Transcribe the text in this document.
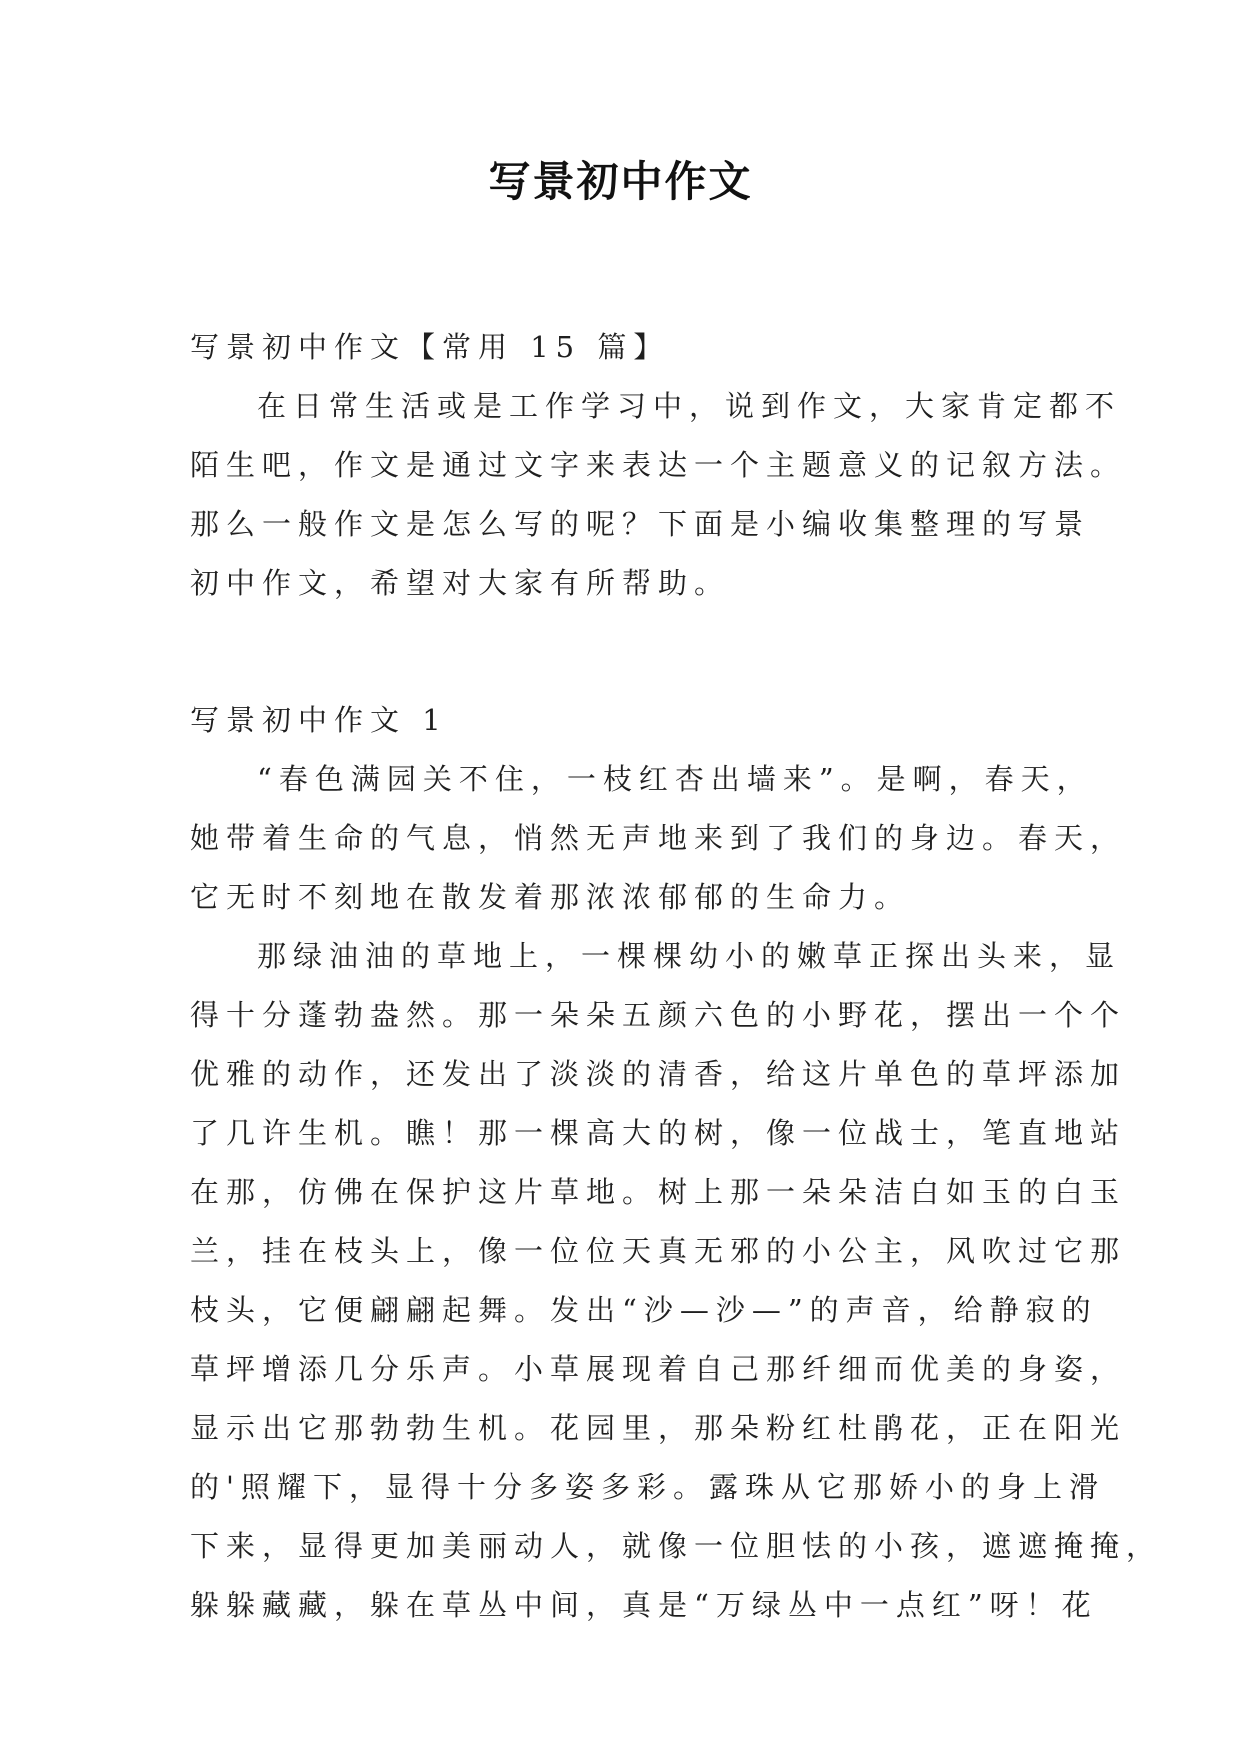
写景初中作文
写景初中作文【常用 15 篇】
在日常生活或是工作学习中，说到作文，大家肯定都不
陌生吧，作文是通过文字来表达一个主题意义的记叙方法。
那么一般作文是怎么写的呢？下面是小编收集整理的写景
初中作文，希望对大家有所帮助。
写景初中作文 1
“春色满园关不住，一枝红杏出墙来”。是啊，春天，
她带着生命的气息，悄然无声地来到了我们的身边。春天，
它无时不刻地在散发着那浓浓郁郁的生命力。
那绿油油的草地上，一棵棵幼小的嫩草正探出头来，显
得十分蓬勃盎然。那一朵朵五颜六色的小野花，摆出一个个
优雅的动作，还发出了淡淡的清香，给这片单色的草坪添加
了几许生机。瞧！那一棵高大的树，像一位战士，笔直地站
在那，仿佛在保护这片草地。树上那一朵朵洁白如玉的白玉
兰，挂在枝头上，像一位位天真无邪的小公主，风吹过它那
枝头，它便翩翩起舞。发出“沙—沙—”的声音，给静寂的
草坪增添几分乐声。小草展现着自己那纤细而优美的身姿，
显示出它那勃勃生机。花园里，那朵粉红杜鹃花，正在阳光
的'照耀下，显得十分多姿多彩。露珠从它那娇小的身上滑
下来，显得更加美丽动人，就像一位胆怯的小孩，遮遮掩掩，
躲躲藏藏，躲在草丛中间，真是“万绿丛中一点红”呀！花
